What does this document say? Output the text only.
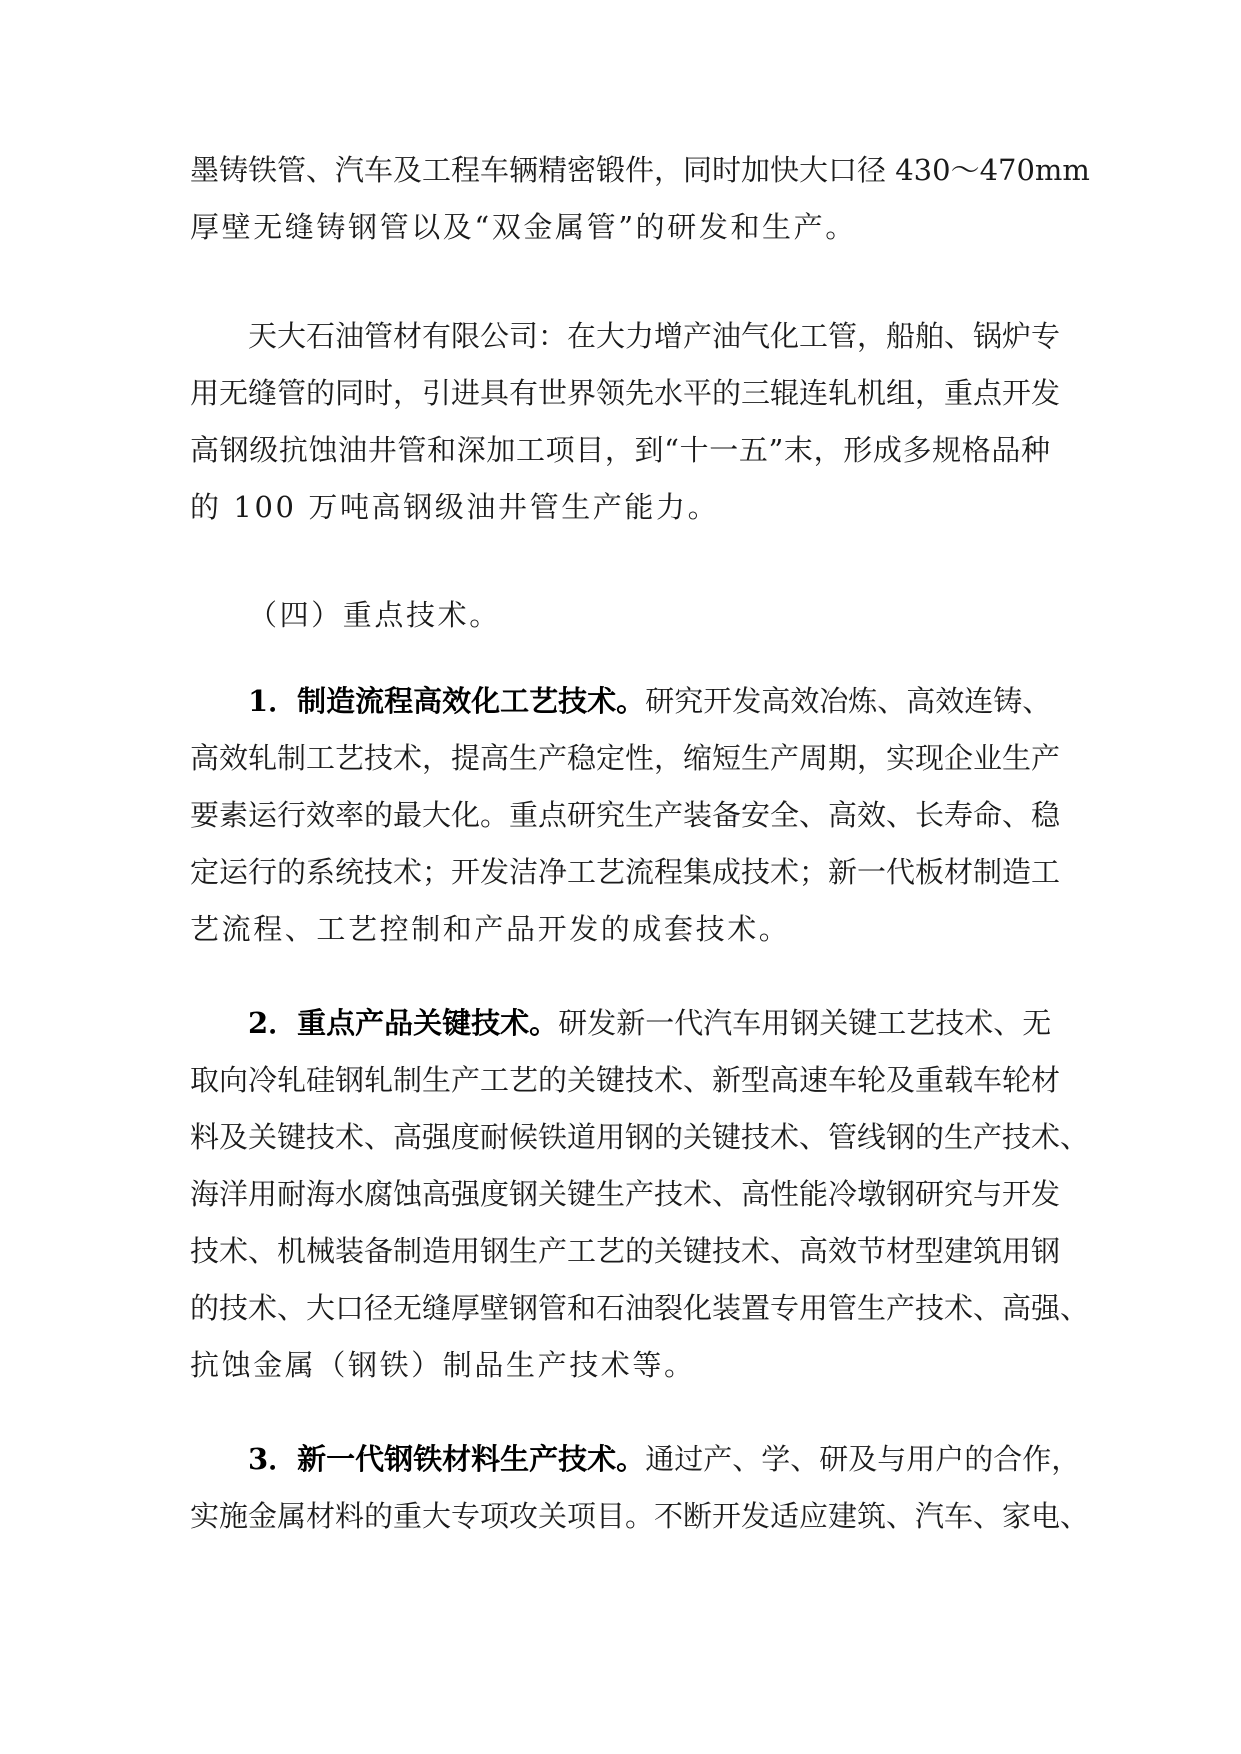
墨铸铁管、汽车及工程车辆精密锻件，同时加快大口径 430～470mm
厚壁无缝铸钢管以及“双金属管”的研发和生产。
天大石油管材有限公司：在大力增产油气化工管，船舶、锅炉专
用无缝管的同时，引进具有世界领先水平的三辊连轧机组，重点开发
高钢级抗蚀油井管和深加工项目，到“十一五”末，形成多规格品种
的 100 万吨高钢级油井管生产能力。
（四）重点技术。
1．制造流程高效化工艺技术。研究开发高效冶炼、高效连铸、
高效轧制工艺技术，提高生产稳定性，缩短生产周期，实现企业生产
要素运行效率的最大化。重点研究生产装备安全、高效、长寿命、稳
定运行的系统技术；开发洁净工艺流程集成技术；新一代板材制造工
艺流程、工艺控制和产品开发的成套技术。
2．重点产品关键技术。研发新一代汽车用钢关键工艺技术、无
取向冷轧硅钢轧制生产工艺的关键技术、新型高速车轮及重载车轮材
料及关键技术、高强度耐候铁道用钢的关键技术、管线钢的生产技术、
海洋用耐海水腐蚀高强度钢关键生产技术、高性能冷墩钢研究与开发
技术、机械装备制造用钢生产工艺的关键技术、高效节材型建筑用钢
的技术、大口径无缝厚壁钢管和石油裂化装置专用管生产技术、高强、
抗蚀金属（钢铁）制品生产技术等。
3．新一代钢铁材料生产技术。通过产、学、研及与用户的合作，
实施金属材料的重大专项攻关项目。不断开发适应建筑、汽车、家电、
